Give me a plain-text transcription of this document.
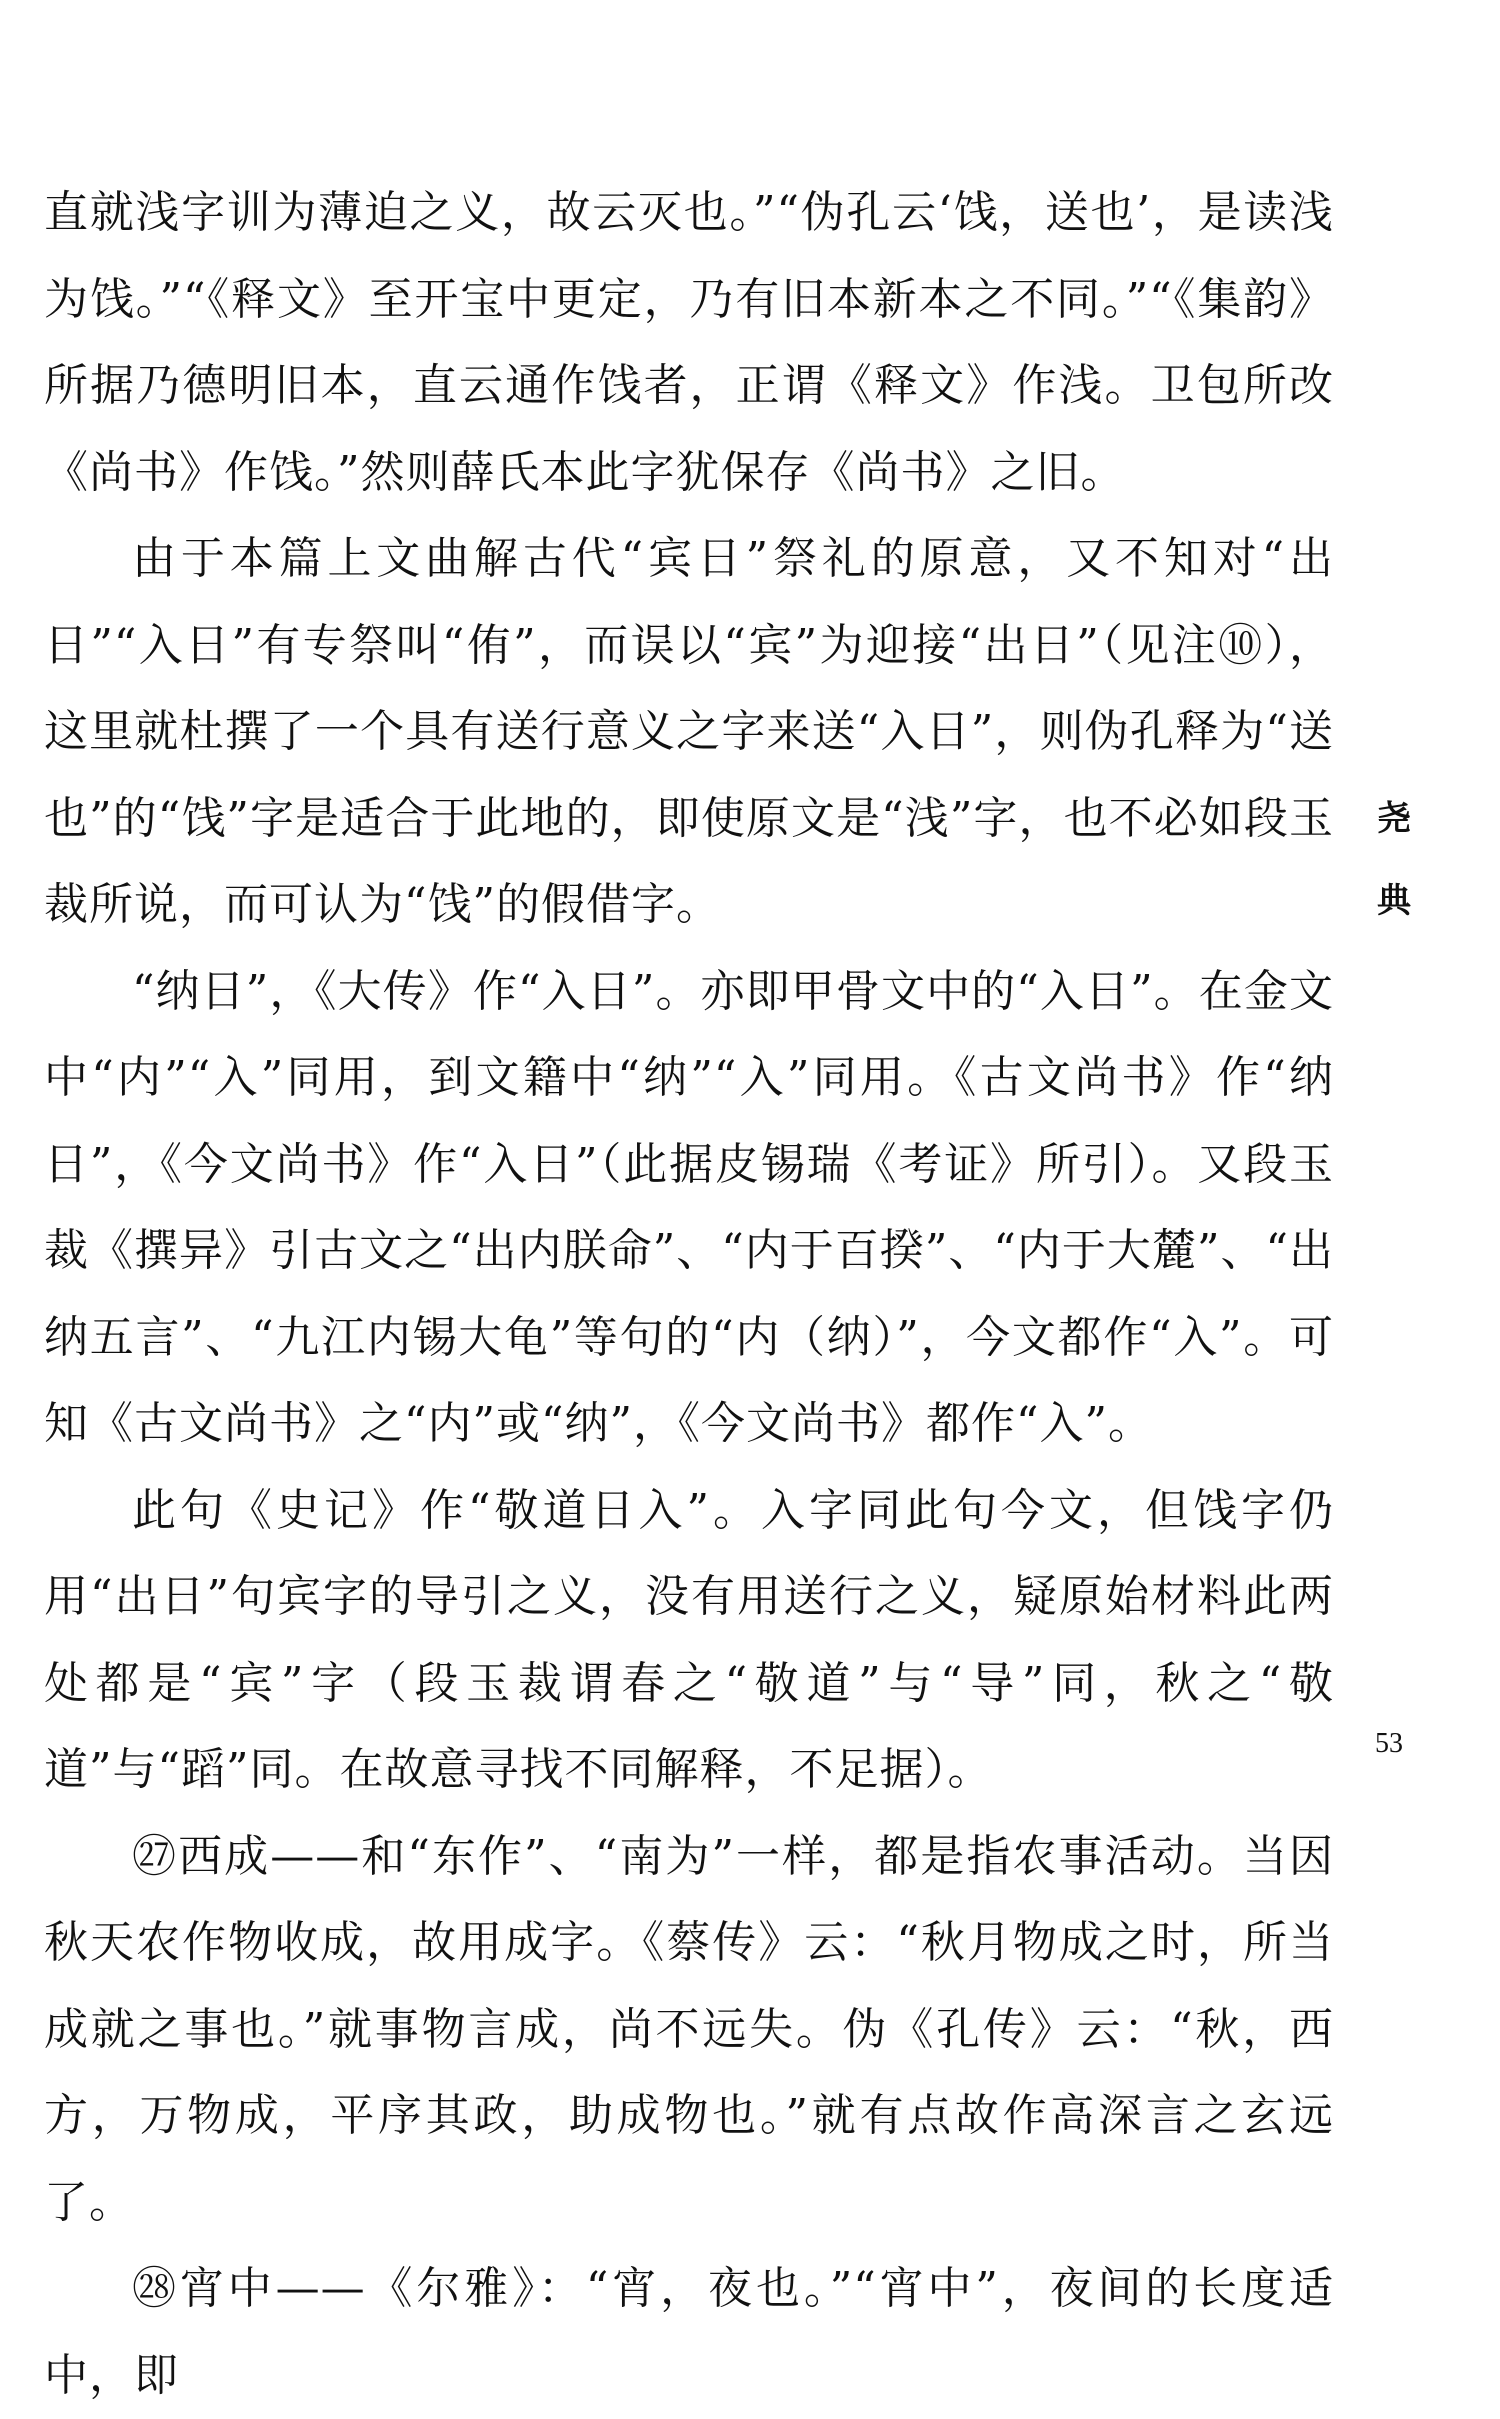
直就浅字训为薄迫之义，故云灭也。”“伪孔云‘饯，送也’，是读浅为饯。”“《释文》至开宝中更定，乃有旧本新本之不同。”“《集韵》所据乃德明旧本，直云通作饯者，正谓《释文》作浅。卫包所改《尚书》作饯。”然则薛氏本此字犹保存《尚书》之旧。

由于本篇上文曲解古代“宾日”祭礼的原意，又不知对“出日”“入日”有专祭叫“侑”，而误以“宾”为迎接“出日”（见注⑩），这里就杜撰了一个具有送行意义之字来送“入日”，则伪孔释为“送也”的“饯”字是适合于此地的，即使原文是“浅”字，也不必如段玉裁所说，而可认为“饯”的假借字。

“纳日”，《大传》作“入日”。亦即甲骨文中的“入日”。在金文中“内”“入”同用，到文籍中“纳”“入”同用。《古文尚书》作“纳日”，《今文尚书》作“入日”（此据皮锡瑞《考证》所引）。又段玉裁《撰异》引古文之“出内朕命”、“内于百揆”、“内于大麓”、“出纳五言”、“九江内锡大龟”等句的“内（纳）”，今文都作“入”。可知《古文尚书》之“内”或“纳”，《今文尚书》都作“入”。

此句《史记》作“敬道日入”。入字同此句今文，但饯字仍用“出日”句宾字的导引之义，没有用送行之义，疑原始材料此两处都是“宾”字（段玉裁谓春之“敬道”与“导”同，秋之“敬道”与“蹈”同。在故意寻找不同解释，不足据）。

㉗西成——和“东作”、“南为”一样，都是指农事活动。当因秋天农作物收成，故用成字。《蔡传》云：“秋月物成之时，所当成就之事也。”就事物言成，尚不远失。伪《孔传》云：“秋，西方，万物成，平序其政，助成物也。”就有点故作高深言之玄远了。

㉘宵中——《尔雅》：“宵，夜也。”“宵中”，夜间的长度适中，即

尧
典
53
